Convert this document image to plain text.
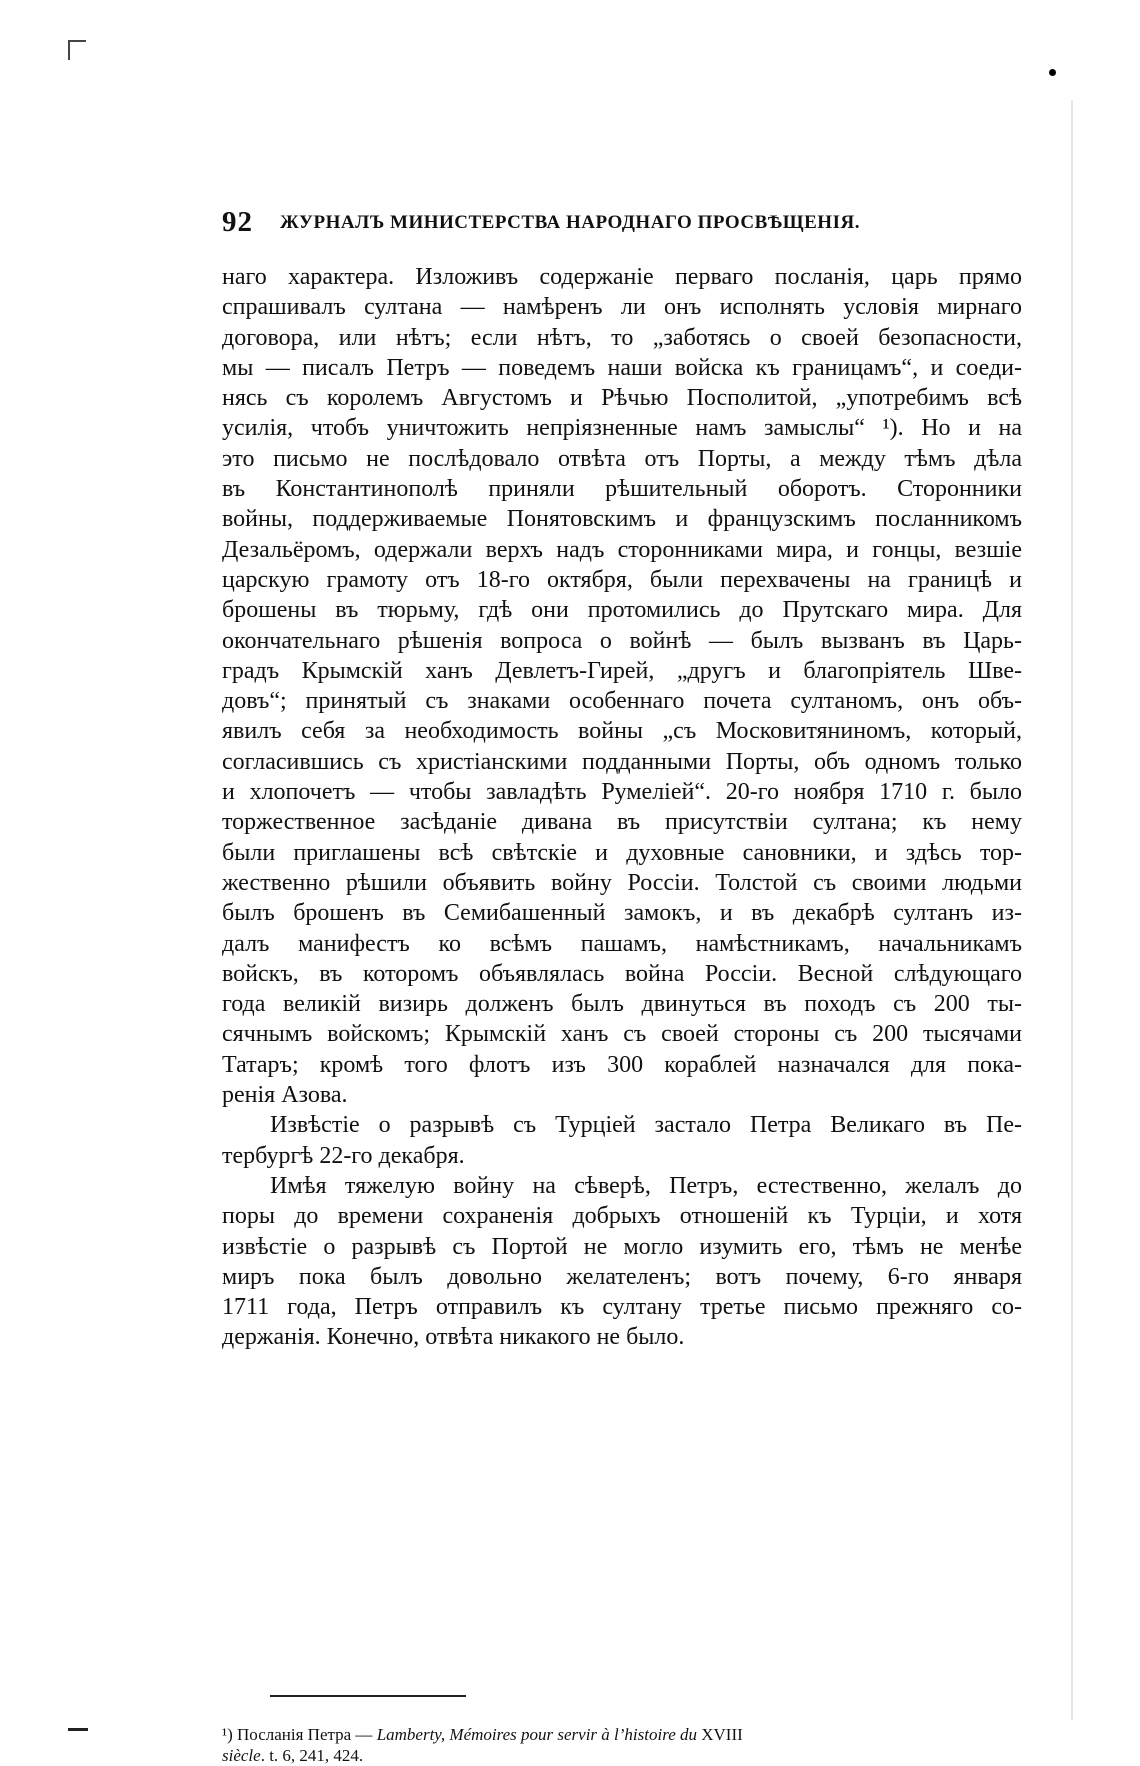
92 ЖУРНАЛЪ МИНИСТЕРСТВА НАРОДНАГО ПРОСВѢЩЕНІЯ.
наго характера. Изложивъ содержаніе перваго посланія, царь прямо
спрашивалъ султана — намѣренъ ли онъ исполнять условія мирнаго
договора, или нѣтъ; если нѣтъ, то „заботясь о своей безопасности,
мы — писалъ Петръ — поведемъ наши войска къ границамъ“, и соеди-
нясь съ королемъ Августомъ и Рѣчью Посполитой, „употребимъ всѣ
усилія, чтобъ уничтожить непріязненные намъ замыслы“ ¹). Но и на
это письмо не послѣдовало отвѣта отъ Порты, а между тѣмъ дѣла
въ Константинополѣ приняли рѣшительный оборотъ. Сторонники
войны, поддерживаемые Понятовскимъ и французскимъ посланникомъ
Дезальёромъ, одержали верхъ надъ сторонниками мира, и гонцы, везшіе
царскую грамоту отъ 18-го октября, были перехвачены на границѣ и
брошены въ тюрьму, гдѣ они протомились до Прутскаго мира. Для
окончательнаго рѣшенія вопроса о войнѣ — былъ вызванъ въ Царь-
градъ Крымскій ханъ Девлетъ-Гирей, „другъ и благопріятель Шве-
довъ“; принятый съ знаками особеннаго почета султаномъ, онъ объ-
явилъ себя за необходимость войны „съ Московитяниномъ, который,
согласившись съ христіанскими подданными Порты, объ одномъ только
и хлопочетъ — чтобы завладѣть Румеліей“. 20-го ноября 1710 г. было
торжественное засѣданіе дивана въ присутствіи султана; къ нему
были приглашены всѣ свѣтскіе и духовные сановники, и здѣсь тор-
жественно рѣшили объявить войну Россіи. Толстой съ своими людьми
былъ брошенъ въ Семибашенный замокъ, и въ декабрѣ султанъ из-
далъ манифестъ ко всѣмъ пашамъ, намѣстникамъ, начальникамъ
войскъ, въ которомъ объявлялась война Россіи. Весной слѣдующаго
года великій визирь долженъ былъ двинуться въ походъ съ 200 ты-
сячнымъ войскомъ; Крымскій ханъ съ своей стороны съ 200 тысячами
Татаръ; кромѣ того флотъ изъ 300 кораблей назначался для пока-
ренія Азова.
Извѣстіе о разрывѣ съ Турціей застало Петра Великаго въ Пе-
тербургѣ 22-го декабря.
Имѣя тяжелую войну на сѣверѣ, Петръ, естественно, желалъ до
поры до времени сохраненія добрыхъ отношеній къ Турціи, и хотя
извѣстіе о разрывѣ съ Портой не могло изумить его, тѣмъ не менѣе
миръ пока былъ довольно желателенъ; вотъ почему, 6-го января
1711 года, Петръ отправилъ къ султану третье письмо прежняго со-
держанія. Конечно, отвѣта никакого не было.
¹) Посланія Петра — Lamberty, Mémoires pour servir à l’histoire du XVIII
siècle. t. 6, 241, 424.
